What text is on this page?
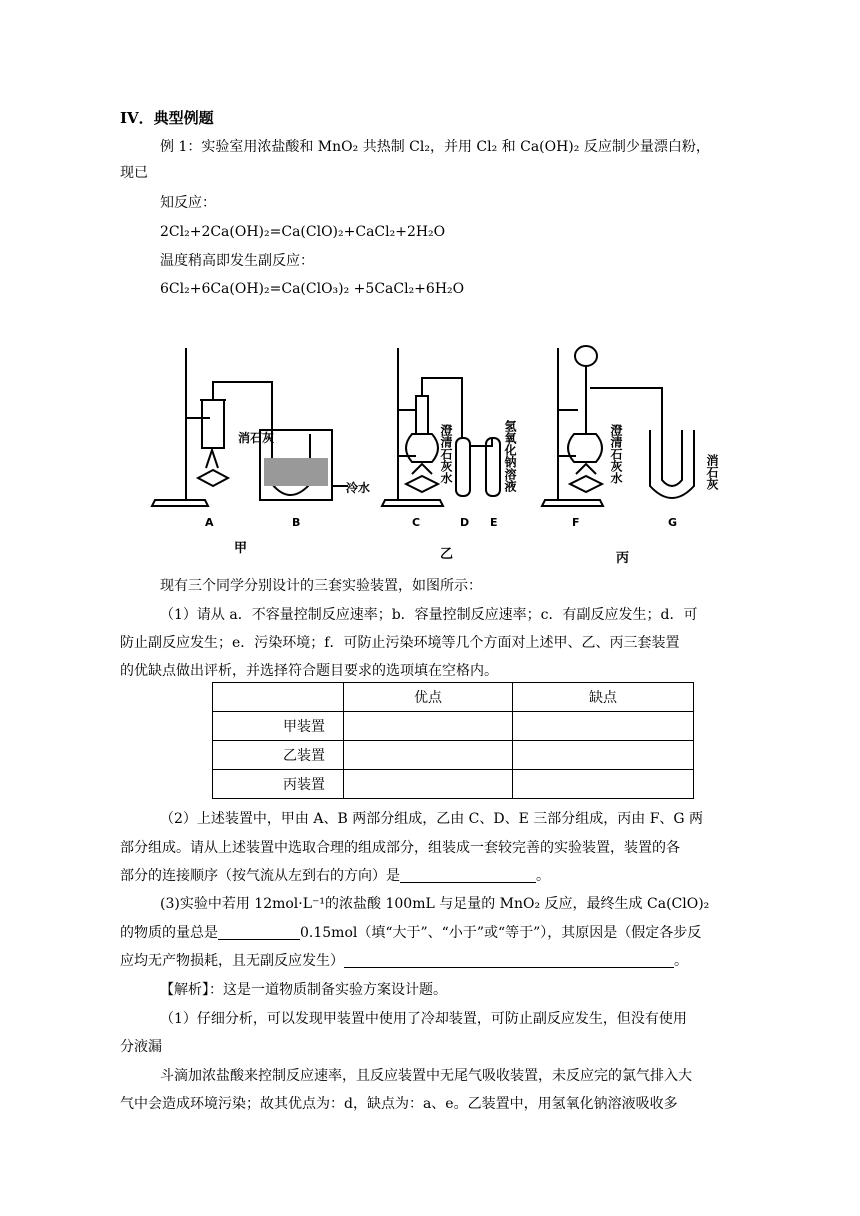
IV．典型例题
例 1：实验室用浓盐酸和 MnO₂ 共热制 Cl₂，并用 Cl₂ 和 Ca(OH)₂ 反应制少量漂白粉，
现已
知反应：
2Cl₂+2Ca(OH)₂=Ca(ClO)₂+CaCl₂+2H₂O
温度稍高即发生副反应：
6Cl₂+6Ca(OH)₂=Ca(ClO₃)₂ +5CaCl₂+6H₂O
消石灰
冷水
A	B
甲
澄清石灰水	氢氧化钠溶液
C	D E
乙
澄清石灰水	消石灰
F	G
丙
现有三个同学分别设计的三套实验装置，如图所示：
（1）请从 a．不容量控制反应速率；b．容量控制反应速率；c．有副反应发生；d．可
防止副反应发生；e．污染环境；f．可防止污染环境等几个方面对上述甲、乙、丙三套装置
的优缺点做出评析，并选择符合题目要求的选项填在空格内。
	优点	缺点
甲装置		
乙装置		
丙装置		
（2）上述装置中，甲由 A、B 两部分组成，乙由 C、D、E 三部分组成，丙由 F、G 两
部分组成。请从上述装置中选取合理的组成部分，组装成一套较完善的实验装置，装置的各
部分的连接顺序（按气流从左到右的方向）是	。
(3)实验中若用 12mol·L⁻¹的浓盐酸 100mL 与足量的 MnO₂ 反应，最终生成 Ca(ClO)₂
的物质的量总是	0.15mol（填“大于”、“小于”或“等于”），其原因是（假定各步反
应均无产物损耗，且无副反应发生）	。
【解析】：这是一道物质制备实验方案设计题。
（1）仔细分析，可以发现甲装置中使用了冷却装置，可防止副反应发生，但没有使用
分液漏
斗滴加浓盐酸来控制反应速率，且反应装置中无尾气吸收装置，未反应完的氯气排入大
气中会造成环境污染；故其优点为：d，缺点为：a、e。乙装置中，用氢氧化钠溶液吸收多
